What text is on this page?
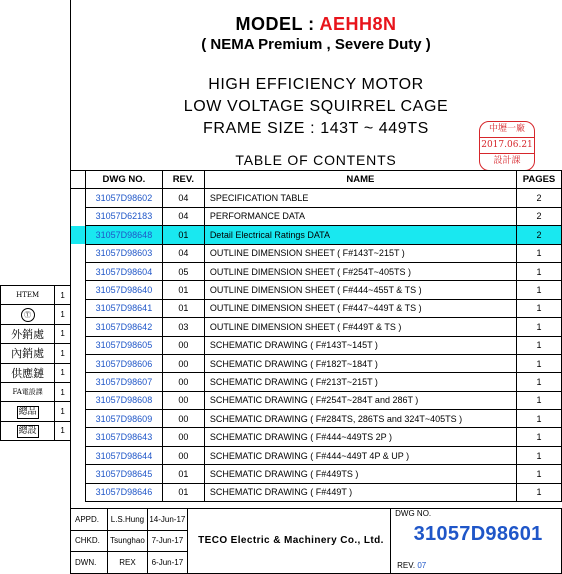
MODEL : AEHH8N
( NEMA Premium , Severe Duty )
HIGH EFFICIENCY MOTOR
LOW VOLTAGE SQUIRREL CAGE
FRAME SIZE : 143T ~ 449TS
TABLE OF CONTENTS
中壢一廠
2017.06.21
設計課
	DWG NO.	REV.	NAME	PAGES
	31057D98602	04	SPECIFICATION TABLE	2
	31057D62183	04	PERFORMANCE DATA	2
	31057D98648	01	Detail Electrical Ratings DATA	2
	31057D98603	04	OUTLINE DIMENSION SHEET ( F#143T~215T )	1
	31057D98604	05	OUTLINE DIMENSION SHEET ( F#254T~405TS )	1
	31057D98640	01	OUTLINE DIMENSION SHEET ( F#444~455T & TS )	1
	31057D98641	01	OUTLINE DIMENSION SHEET ( F#447~449T & TS )	1
	31057D98642	03	OUTLINE DIMENSION SHEET ( F#449T & TS )	1
	31057D98605	00	SCHEMATIC DRAWING ( F#143T~145T )	1
	31057D98606	00	SCHEMATIC DRAWING ( F#182T~184T )	1
	31057D98607	00	SCHEMATIC DRAWING ( F#213T~215T )	1
	31057D98608	00	SCHEMATIC DRAWING ( F#254T~284T and 286T )	1
	31057D98609	00	SCHEMATIC DRAWING ( F#284TS, 286TS and 324T~405TS )	1
	31057D98643	00	SCHEMATIC DRAWING ( F#444~449TS 2P )	1
	31057D98644	00	SCHEMATIC DRAWING ( F#444~449T 4P & UP )	1
	31057D98645	01	SCHEMATIC DRAWING ( F#449TS )	1
	31057D98646	01	SCHEMATIC DRAWING ( F#449T )	1
HTEM	1
Ⓣ	1
外銷處	1
內銷處	1
供應鏈	1
FA電設課	1
總品	1
總設	1
APPD.	L.S.Hung	14-Jun-17	TECO Electric & Machinery Co., Ltd.	DWG NO.
31057D98601
REV. 07

CHKD.	Tsunghao	7-Jun-17		
DWN.	REX	6-Jun-17		
